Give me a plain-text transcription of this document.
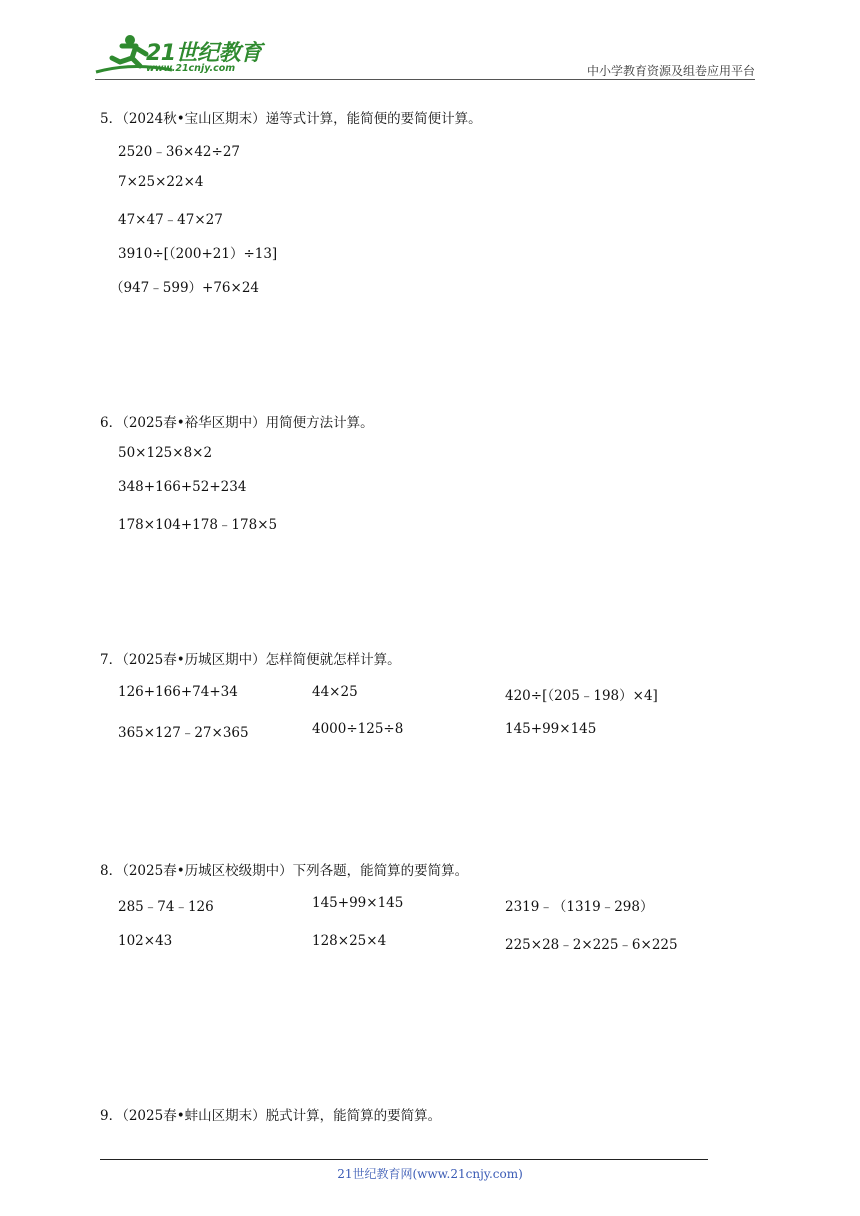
21世纪教育
www.21cnjy.com	中小学教育资源及组卷应用平台
5．（2024秋•宝山区期末）递等式计算，能简便的要简便计算。
2520﹣36×42÷27
7×25×22×4
47×47﹣47×27
3910÷[（200+21）÷13]
（947﹣599）+76×24
6．（2025春•裕华区期中）用简便方法计算。
50×125×8×2
348+166+52+234
178×104+178﹣178×5
7．（2025春•历城区期中）怎样简便就怎样计算。
126+166+74+34	44×25	420÷[（205﹣198）×4]
365×127﹣27×365	4000÷125÷8	145+99×145
8．（2025春•历城区校级期中）下列各题，能简算的要简算。
285﹣74﹣126	145+99×145	2319﹣（1319﹣298）
102×43	128×25×4	225×28﹣2×225﹣6×225
9．（2025春•蚌山区期末）脱式计算，能简算的要简算。
21世纪教育网(www.21cnjy.com)
